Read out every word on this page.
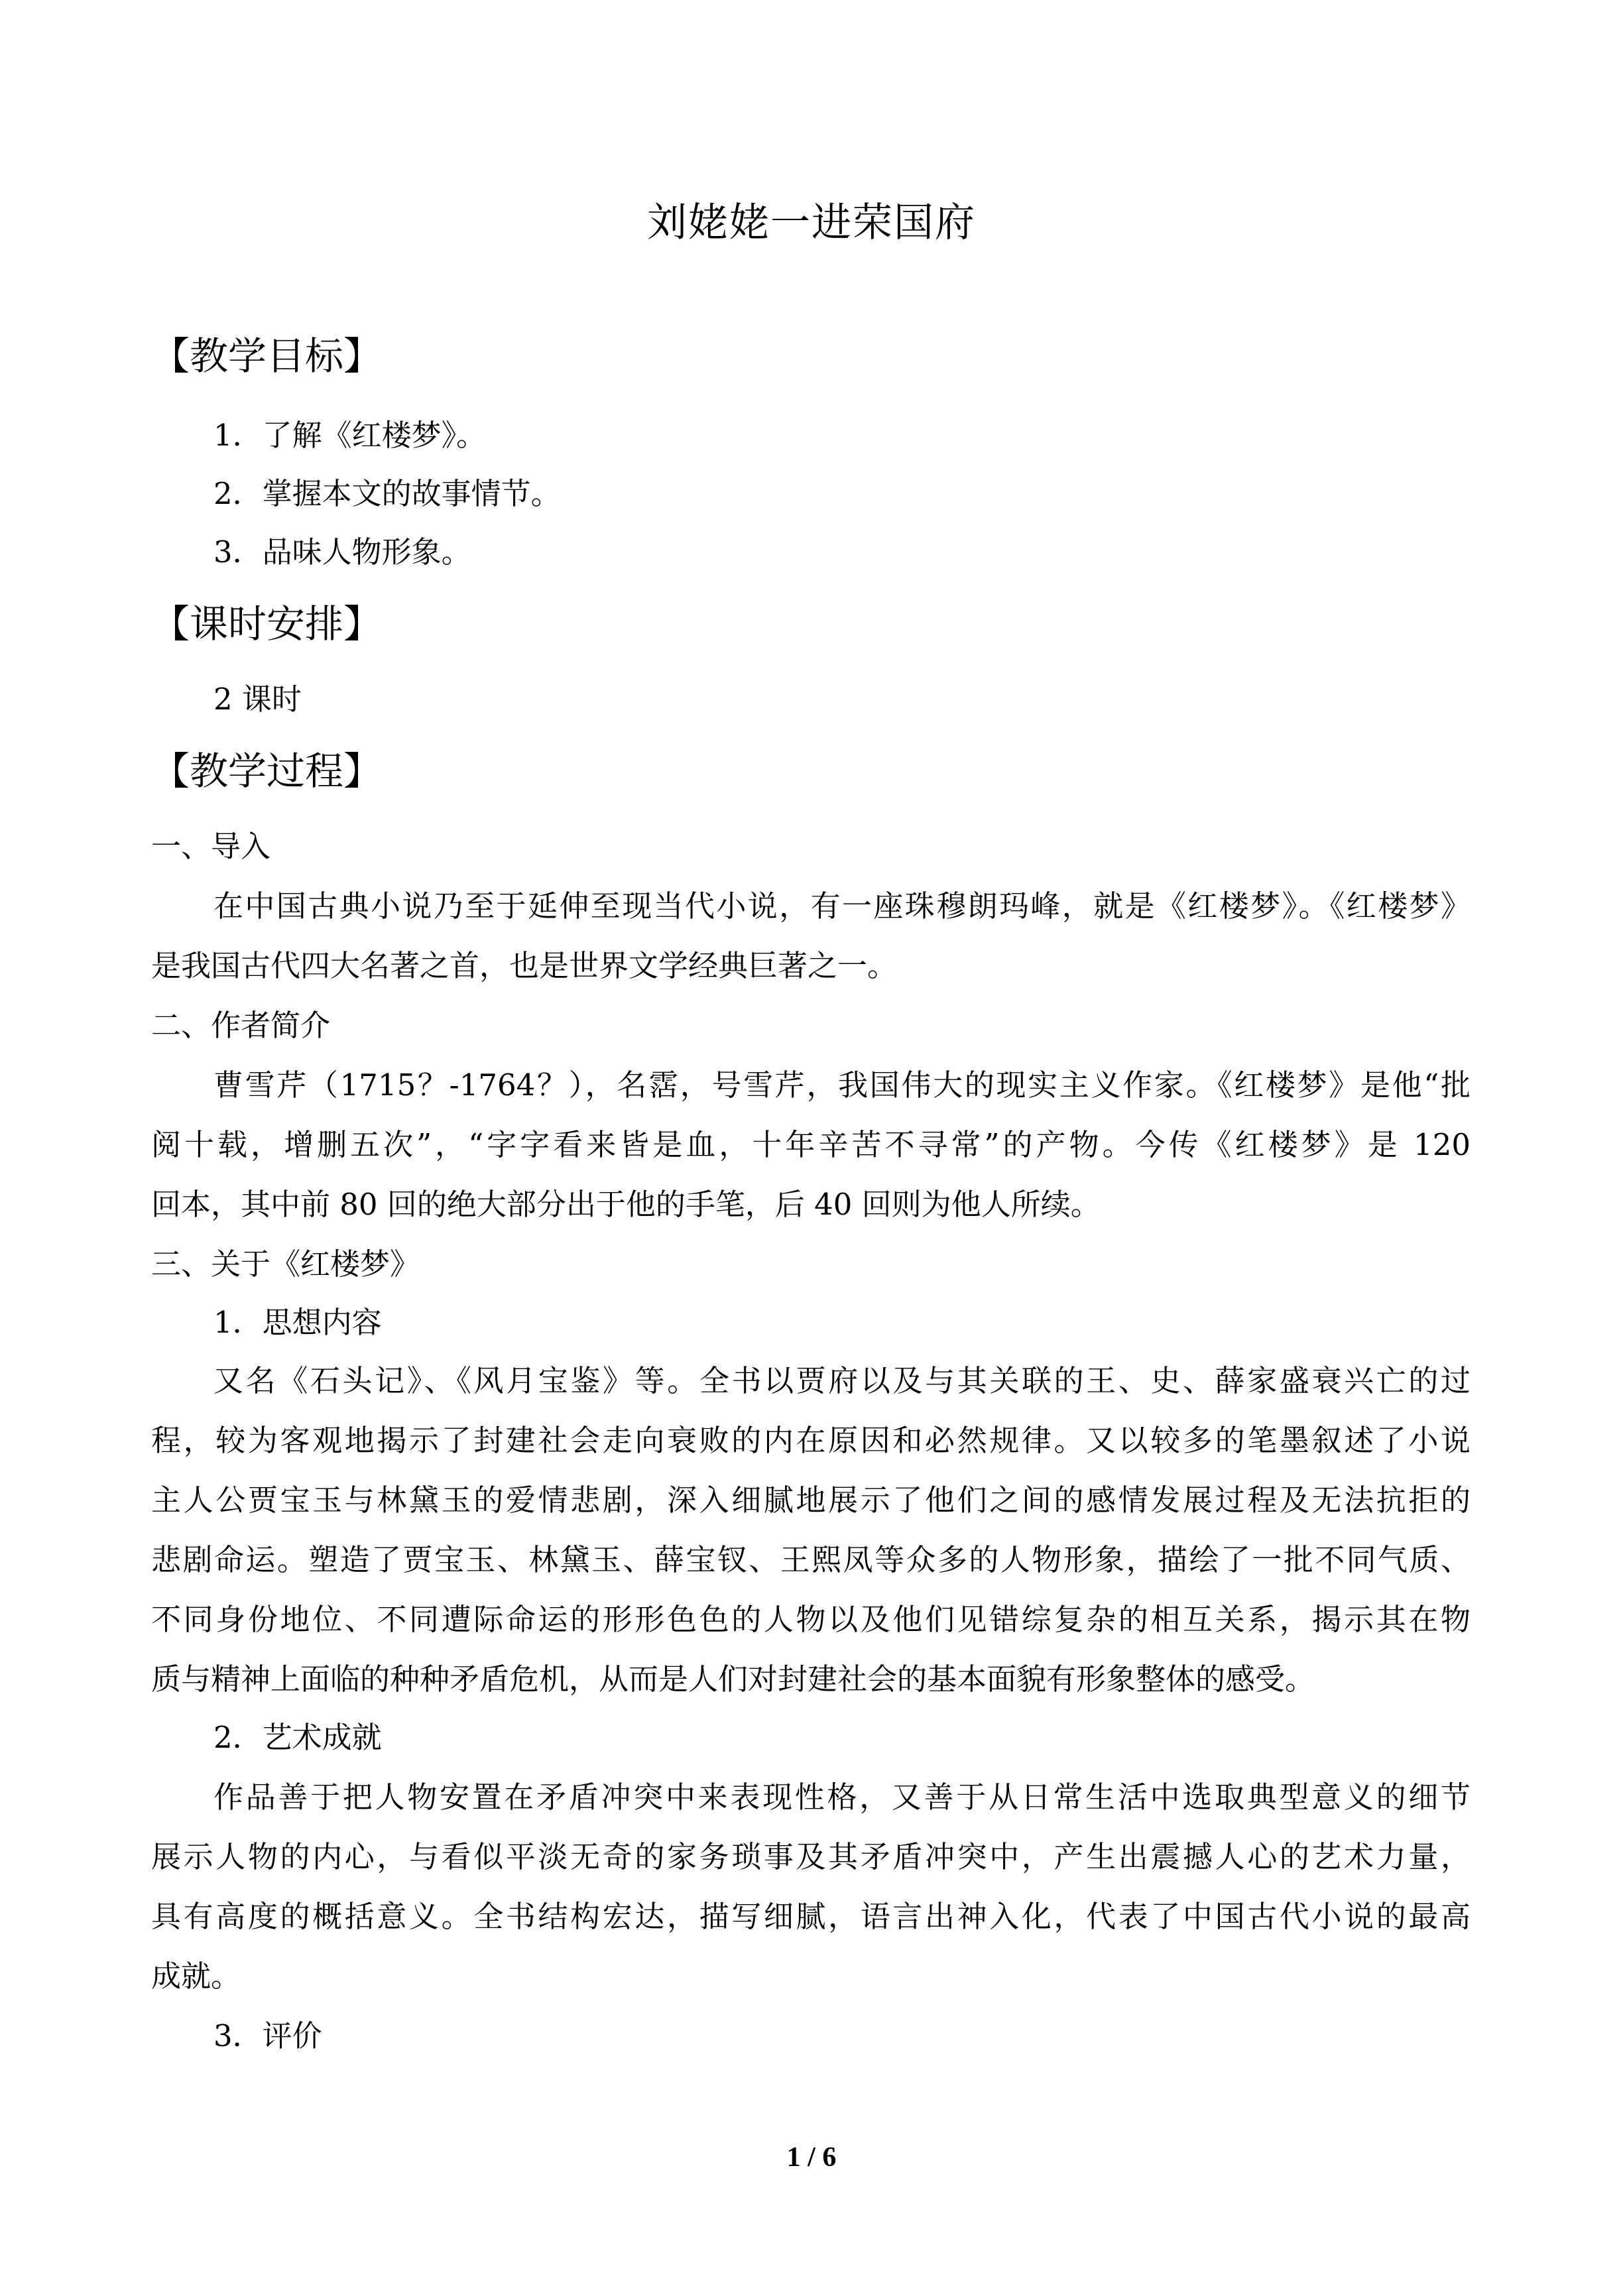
刘姥姥一进荣国府
【教学目标】
1．了解《红楼梦》。
2．掌握本文的故事情节。
3．品味人物形象。
【课时安排】
2 课时
【教学过程】
一、导入
在中国古典小说乃至于延伸至现当代小说，有一座珠穆朗玛峰，就是《红楼梦》。《红楼梦》
是我国古代四大名著之首，也是世界文学经典巨著之一。
二、作者简介
曹雪芹（1715？-1764？），名霑，号雪芹，我国伟大的现实主义作家。《红楼梦》是他“批
阅十载，增删五次”，“字字看来皆是血，十年辛苦不寻常”的产物。今传《红楼梦》是 120
回本，其中前 80 回的绝大部分出于他的手笔，后 40 回则为他人所续。
三、关于《红楼梦》
1．思想内容
又名《石头记》、《风月宝鉴》等。全书以贾府以及与其关联的王、史、薛家盛衰兴亡的过
程，较为客观地揭示了封建社会走向衰败的内在原因和必然规律。又以较多的笔墨叙述了小说
主人公贾宝玉与林黛玉的爱情悲剧，深入细腻地展示了他们之间的感情发展过程及无法抗拒的
悲剧命运。塑造了贾宝玉、林黛玉、薛宝钗、王熙凤等众多的人物形象，描绘了一批不同气质、
不同身份地位、不同遭际命运的形形色色的人物以及他们见错综复杂的相互关系，揭示其在物
质与精神上面临的种种矛盾危机，从而是人们对封建社会的基本面貌有形象整体的感受。
2．艺术成就
作品善于把人物安置在矛盾冲突中来表现性格，又善于从日常生活中选取典型意义的细节
展示人物的内心，与看似平淡无奇的家务琐事及其矛盾冲突中，产生出震撼人心的艺术力量，
具有高度的概括意义。全书结构宏达，描写细腻，语言出神入化，代表了中国古代小说的最高
成就。
3．评价
1 / 6
